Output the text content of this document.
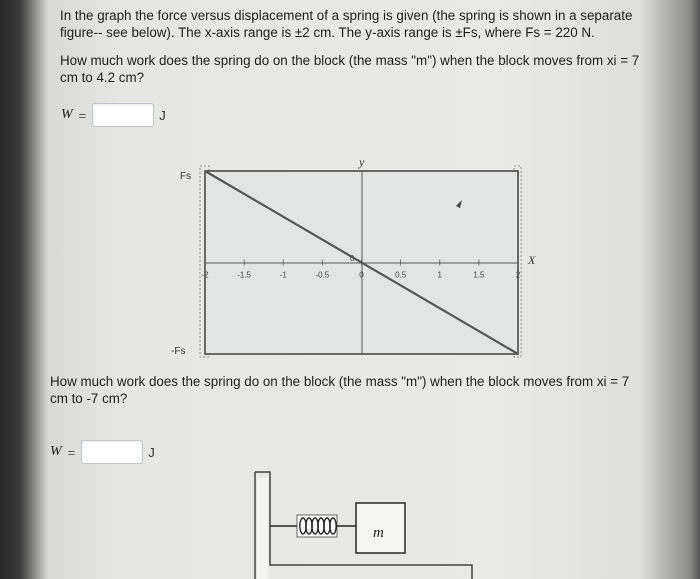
In the graph the force versus displacement of a spring is given (the spring is shown in a separate
figure-- see below). The x-axis range is ±2 cm. The y-axis range is ±Fs, where Fs = 220 N.
How much work does the spring do on the block (the mass "m") when the block moves from xi = 7
cm to 4.2 cm?
W =	J
-2	-1.5	-1	-0.5	0	0.5	1	1.5	2
y
X
Fs
-Fs
0
m
How much work does the spring do on the block (the mass "m") when the block moves from xi = 7
cm to -7 cm?
W =	J
